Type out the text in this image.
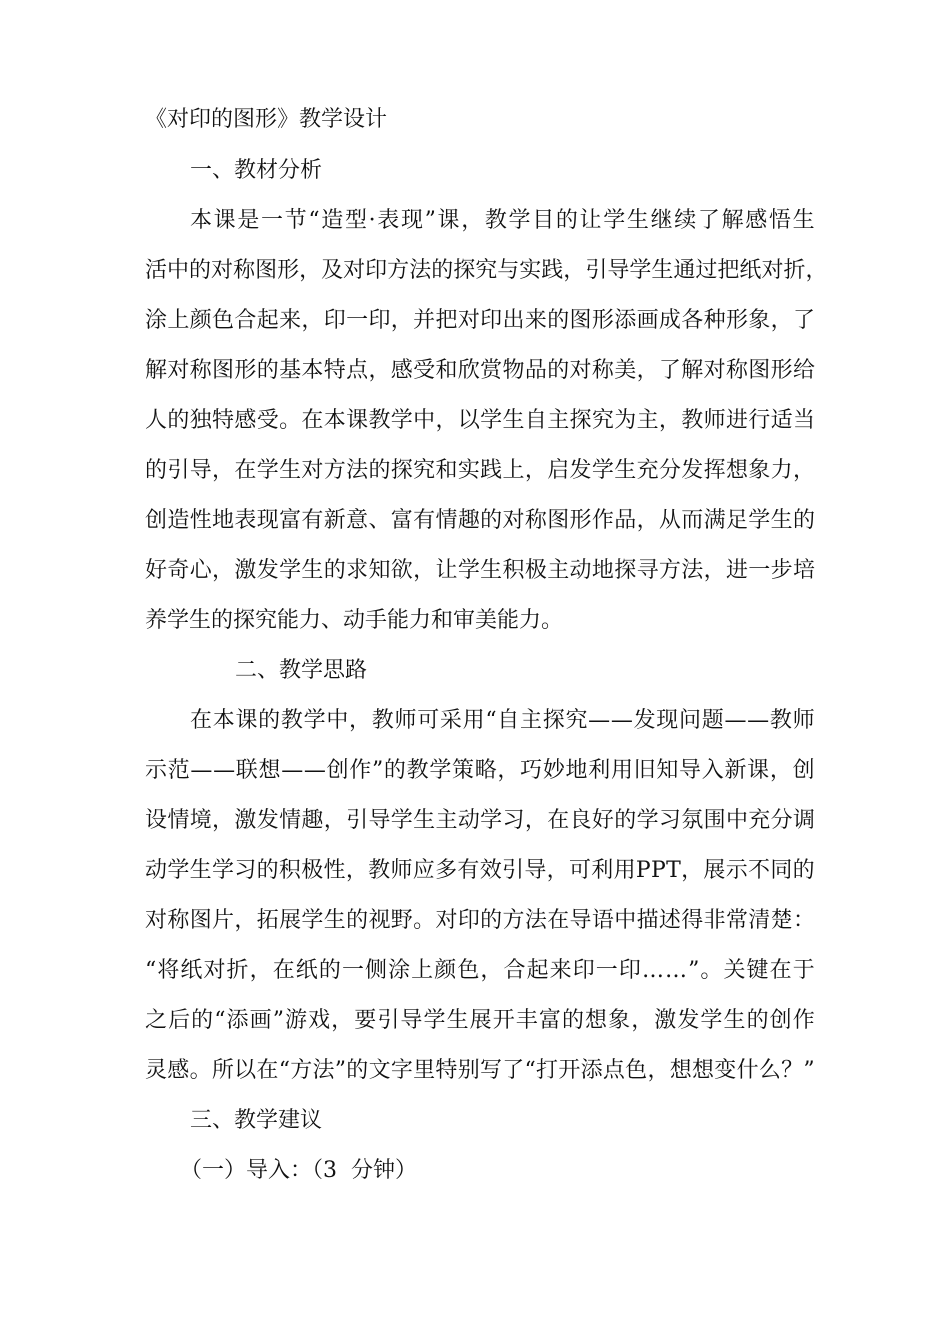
《对印的图形》教学设计
一、教材分析
本 课 是 一 节 “ 造 型 · 表 现 ” 课 ， 教 学 目 的 让 学 生 继 续 了 解 感 悟 生
活 中 的 对 称 图 形 ， 及 对 印 方 法 的 探 究 与 实 践 ， 引 导 学 生 通 过 把 纸 对 折 ，
涂 上 颜 色 合 起 来 ， 印 一 印 ， 并 把 对 印 出 来 的 图 形 添 画 成 各 种 形 象 ， 了
解 对 称 图 形 的 基 本 特 点 ， 感 受 和 欣 赏 物 品 的 对 称 美 ， 了 解 对 称 图 形 给
人 的 独 特 感 受 。 在 本 课 教 学 中 ， 以 学 生 自 主 探 究 为 主 ， 教 师 进 行 适 当
的 引 导 ， 在 学 生 对 方 法 的 探 究 和 实 践 上 ， 启 发 学 生 充 分 发 挥 想 象 力 ，
创 造 性 地 表 现 富 有 新 意 、 富 有 情 趣 的 对 称 图 形 作 品 ， 从 而 满 足 学 生 的
好 奇 心 ， 激 发 学 生 的 求 知 欲 ， 让 学 生 积 极 主 动 地 探 寻 方 法 ， 进 一 步 培
养学生的探究能力、动手能力和审美能力。
二、教学思路
在 本 课 的 教 学 中 ， 教 师 可 采 用 “ 自 主 探 究 — — 发 现 问 题 — — 教 师
示 范 — — 联 想 — — 创 作 ” 的 教 学 策 略 ， 巧 妙 地 利 用 旧 知 导 入 新 课 ， 创
设 情 境 ， 激 发 情 趣 ， 引 导 学 生 主 动 学 习 ， 在 良 好 的 学 习 氛 围 中 充 分 调
动 学 生 学 习 的 积 极 性 ， 教 师 应 多 有 效 引 导 ， 可 利 用 P P T ， 展 示 不 同 的
对 称 图 片 ， 拓 展 学 生 的 视 野 。 对 印 的 方 法 在 导 语 中 描 述 得 非 常 清 楚 ：
“ 将 纸 对 折 ， 在 纸 的 一 侧 涂 上 颜 色 ， 合 起 来 印 一 印 … … ” 。 关 键 在 于
之 后 的 “ 添 画 ” 游 戏 ， 要 引 导 学 生 展 开 丰 富 的 想 象 ， 激 发 学 生 的 创 作
灵 感 。 所 以 在 “ 方 法 ” 的 文 字 里 特 别 写 了 “ 打 开 添 点 色 ， 想 想 变 什 么 ？ ”
三、教学建议
（一）导入：（3  分钟）
